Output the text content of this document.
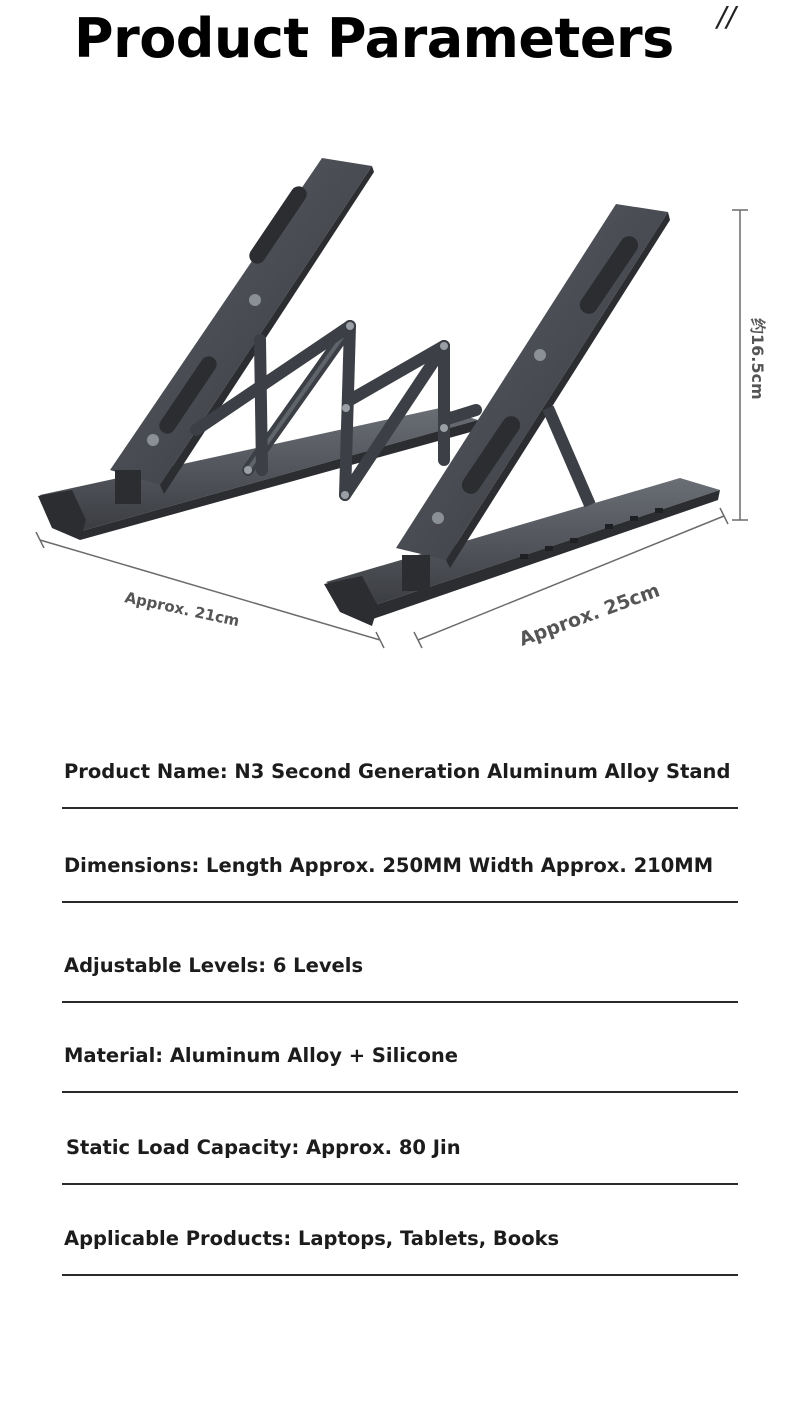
Product Parameters //
Approx. 21cm	Approx. 25cm
约16.5cm
Product Name: N3 Second Generation Aluminum Alloy Stand
Dimensions: Length Approx. 250MM Width Approx. 210MM
Adjustable Levels: 6 Levels
Material: Aluminum Alloy + Silicone
Static Load Capacity: Approx. 80 Jin
Applicable Products: Laptops, Tablets, Books
